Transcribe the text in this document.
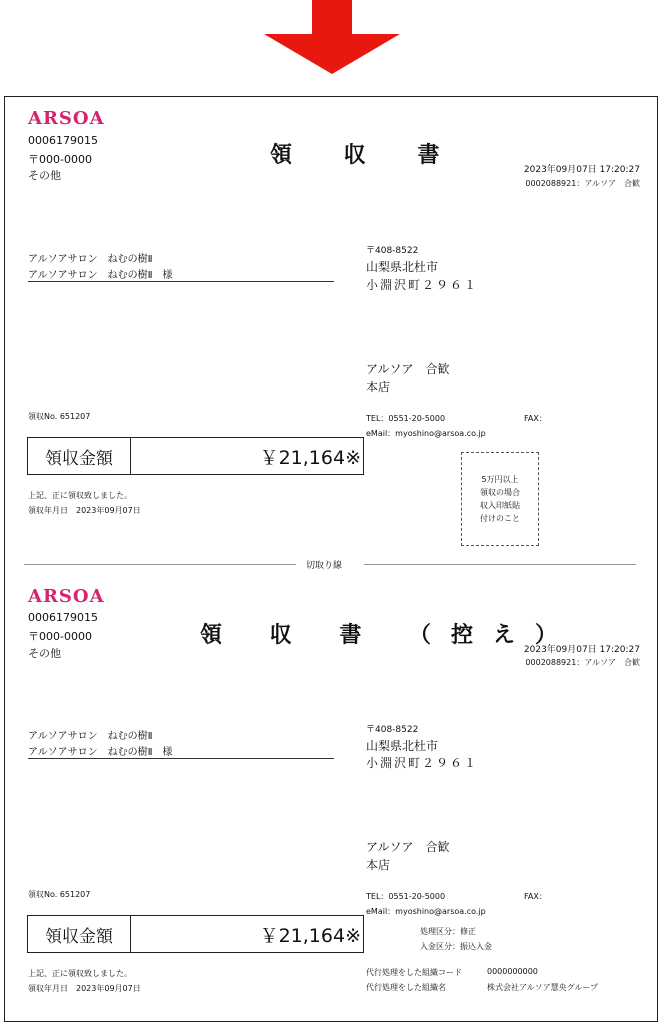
ARSOA
0006179015
〒000-0000
その他
領 収 書
2023年09月07日 17:20:27
0002088921：アルソア　合歓
アルソアサロン　ねむの樹Ⅱ
アルソアサロン　ねむの樹Ⅱ　様
〒408-8522
山梨県北杜市
小淵沢町２９６１
アルソア　合歓
本店
領収No. 651207	TEL：0551-20-5000	FAX：
eMail：myoshino@arsoa.co.jp
領収金額	￥21,164※
上記、正に領収致しました。
領収年月日　2023年09月07日
5万円以上
領収の場合
収入印紙貼
付けのこと
切取り線
ARSOA
0006179015
〒000-0000
その他
領 収 書 （控え）
2023年09月07日 17:20:27
0002088921：アルソア　合歓
アルソアサロン　ねむの樹Ⅱ
アルソアサロン　ねむの樹Ⅱ　様
〒408-8522
山梨県北杜市
小淵沢町２９６１
アルソア　合歓
本店
領収No. 651207	TEL：0551-20-5000	FAX：
eMail：myoshino@arsoa.co.jp
領収金額	￥21,164※	処理区分：修正
入金区分：振込入金
上記、正に領収致しました。
領収年月日　2023年09月07日
代行処理をした組織コード	0000000000
代行処理をした組織名	株式会社アルソア慧央グループ
